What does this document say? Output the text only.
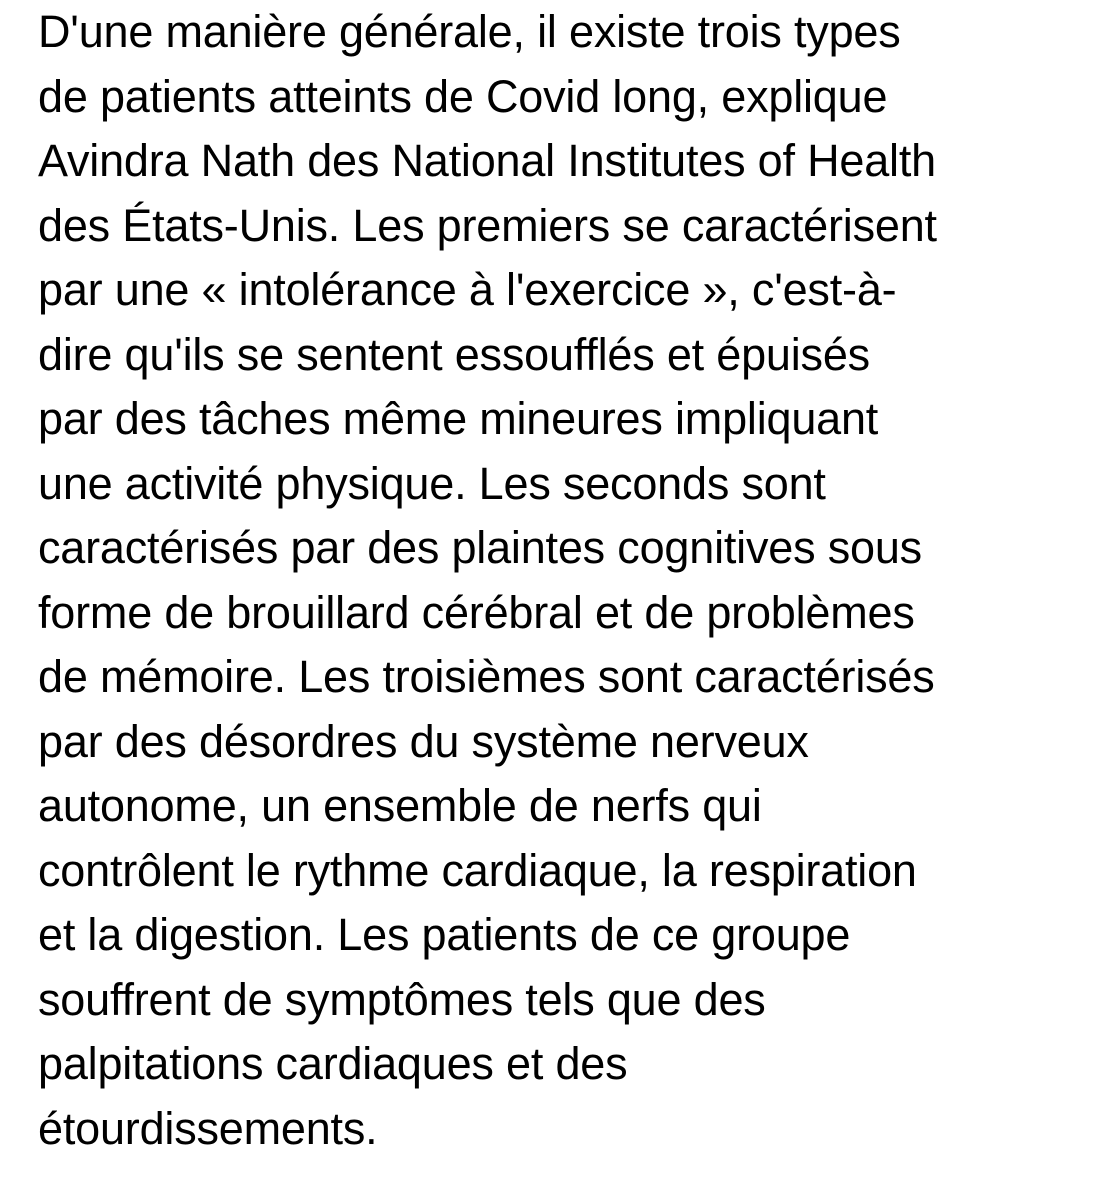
D'une manière générale, il existe trois types
de patients atteints de Covid long, explique
Avindra Nath des National Institutes of Health
des États-Unis. Les premiers se caractérisent
par une « intolérance à l'exercice », c'est-à-
dire qu'ils se sentent essoufflés et épuisés
par des tâches même mineures impliquant
une activité physique. Les seconds sont
caractérisés par des plaintes cognitives sous
forme de brouillard cérébral et de problèmes
de mémoire. Les troisièmes sont caractérisés
par des désordres du système nerveux
autonome, un ensemble de nerfs qui
contrôlent le rythme cardiaque, la respiration
et la digestion. Les patients de ce groupe
souffrent de symptômes tels que des
palpitations cardiaques et des
étourdissements.
